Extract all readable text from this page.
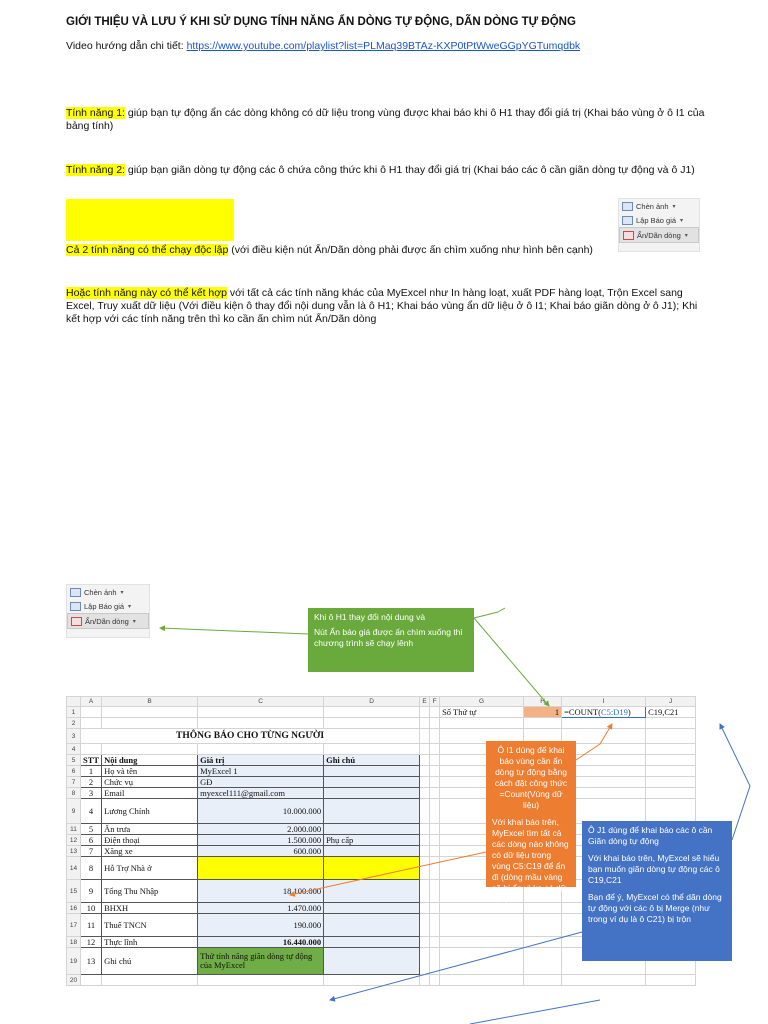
GIỚI THIỆU VÀ LƯU Ý KHI SỬ DỤNG TÍNH NĂNG ẨN DÒNG TỰ ĐỘNG, DÃN DÒNG TỰ ĐỘNG
Video hướng dẫn chi tiết: https://www.youtube.com/playlist?list=PLMaq39BTAz-KXP0tPtWweGGpYGTumqdbk
Tính năng 1: giúp bạn tự động ẩn các dòng không có dữ liệu trong vùng được khai báo khi ô H1 thay đổi giá trị (Khai báo vùng ở ô I1 của bảng tính)
Tính năng 2: giúp bạn giãn dòng tự động các ô chứa công thức khi ô H1 thay đổi giá trị (Khai báo các ô cần giãn dòng tự động và ô J1)
Cả 2 tính năng có thể chạy độc lập (với điều kiện nút Ẩn/Dãn dòng phải được ấn chìm xuống như hình bên cạnh)
Chèn ảnh ▾
Lập Báo giá ▾
Ẩn/Dãn dòng ▾
Hoặc tính năng này có thể kết hợp với tất cả các tính năng khác của MyExcel như In hàng loạt, xuất PDF hàng loạt, Trộn Excel sang Excel, Truy xuất dữ liệu (Với điều kiện ô thay đổi nội dung vẫn là ô H1; Khai báo vùng ẩn dữ liệu ở ô I1; Khai báo giãn dòng ở ô J1); Khi kết hợp với các tính năng trên thì ko cần ấn chìm nút Ẩn/Dãn dòng
Chèn ảnh ▾
Lập Báo giá ▾
Ẩn/Dãn dòng ▾	Khi ô H1 thay đổi nội dung và
Nút Ẩn báo giá được ấn chìm xuống thì chương trình sẽ chạy lênh
	A	B	C	D	E	F	G	H	I	J
1							Số Thứ tự	1	=COUNT(C5:D19)	C19,C21
2										
3	THÔNG BÁO CHO TỪNG NGƯỜI									
4										
5	STT	Nội dung	Giá trị	Ghi chú						
6	1	Họ và tên	MyExcel 1							
7	2	Chức vụ	GĐ							
8	3	Email	myexcel111@gmail.com							
9	4	Lương Chính	10.000.000							
11	5	Ăn trưa	2.000.000							
12	6	Điện thoại	1.500.000	Phụ cấp						
13	7	Xăng xe	600.000							
14	8	Hỗ Trợ Nhà ở								
15	9	Tổng Thu Nhập	18.100.000							
16	10	BHXH	1.470.000							
17	11	Thuế TNCN	190.000							
18	12	Thực lĩnh	16.440.000							
19	13	Ghi chú	Thử tính năng giãn dòng tự động của MyExcel							
20										
Ô I1 dùng để khai báo vùng cần ẩn dòng tự động bằng cách đặt công thức =Count(Vùng dữ liệu)
Với khai báo trên, MyExcel tìm tất cả các dòng nào không có dữ liệu trong vùng C5:C19 để ẩn đi (dòng mầu vàng sẽ bị ẩn vì ko có dữ liệu)
Ô J1 dùng để khai báo các ô cần Giãn dòng tự động
Với khai báo trên, MyExcel sẽ hiểu bạn muốn giãn dòng tự động các ô C19,C21
Bạn để ý, MyExcel có thể dãn dòng tự động với các ô bị Merge (như trong ví dụ là ô C21) bị trộn
